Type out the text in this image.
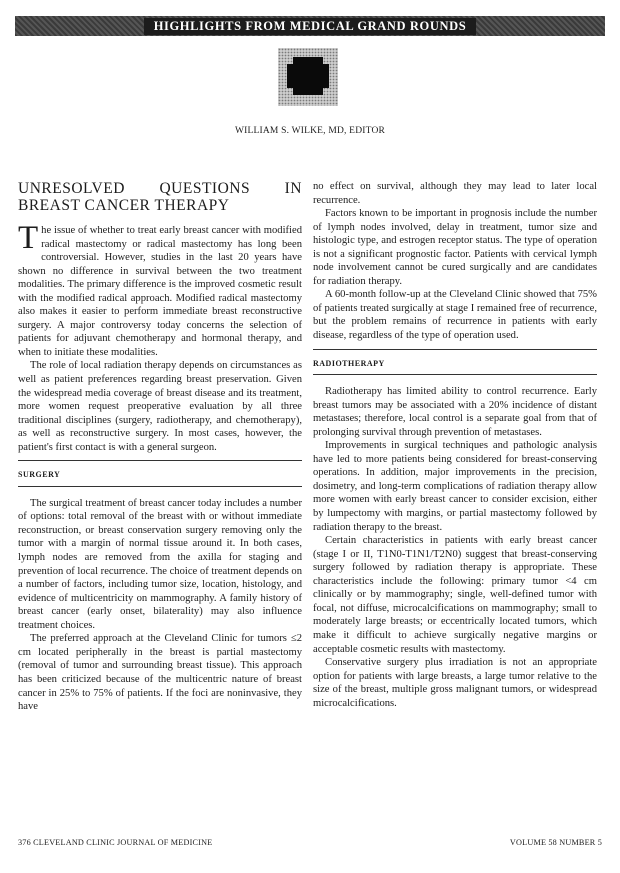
HIGHLIGHTS FROM MEDICAL GRAND ROUNDS
WILLIAM S. WILKE, MD, EDITOR
UNRESOLVED QUESTIONS IN BREAST CANCER THERAPY

The issue of whether to treat early breast cancer with modified radical mastectomy or radical mastectomy has long been controversial. However, studies in the last 20 years have shown no difference in survival between the two treatment modalities. The primary difference is the improved cosmetic result with the modified radical approach. Modified radical mastectomy also makes it easier to perform immediate breast reconstructive surgery. A major controversy today concerns the selection of patients for adjuvant chemotherapy and hormonal therapy, and when to initiate these modalities.

The role of local radiation therapy depends on circumstances as well as patient preferences regarding breast preservation. Given the widespread media coverage of breast disease and its treatment, more women request preoperative evaluation by all three traditional disciplines (surgery, radiotherapy, and chemotherapy), as well as reconstructive surgery. In most cases, however, the patient's first contact is with a general surgeon.

SURGERY

The surgical treatment of breast cancer today includes a number of options: total removal of the breast with or without immediate reconstruction, or breast conservation surgery removing only the tumor with a margin of normal tissue around it. In both cases, lymph nodes are removed from the axilla for staging and prevention of local recurrence. The choice of treatment depends on a number of factors, including tumor size, location, histology, and evidence of multicentricity on mammography. A family history of breast cancer (early onset, bilaterality) may also influence treatment choices.

The preferred approach at the Cleveland Clinic for tumors ≤2 cm located peripherally in the breast is partial mastectomy (removal of tumor and surrounding breast tissue). This approach has been criticized because of the multicentric nature of breast cancer in 25% to 75% of patients. If the foci are noninvasive, they have

no effect on survival, although they may lead to later local recurrence.

Factors known to be important in prognosis include the number of lymph nodes involved, delay in treatment, tumor size and histologic type, and estrogen receptor status. The type of operation is not a significant prognostic factor. Patients with cervical lymph node involvement cannot be cured surgically and are candidates for radiation therapy.

A 60-month follow-up at the Cleveland Clinic showed that 75% of patients treated surgically at stage I remained free of recurrence, but the problem remains of recurrence in patients with early disease, regardless of the type of operation used.

RADIOTHERAPY

Radiotherapy has limited ability to control recurrence. Early breast tumors may be associated with a 20% incidence of distant metastases; therefore, local control is a separate goal from that of prolonging survival through prevention of metastases.

Improvements in surgical techniques and pathologic analysis have led to more patients being considered for breast-conserving operations. In addition, major improvements in the precision, dosimetry, and long-term complications of radiation therapy allow more women with early breast cancer to consider excision, either by lumpectomy with margins, or partial mastectomy followed by radiation therapy to the breast.

Certain characteristics in patients with early breast cancer (stage I or II, T1N0-T1N1/T2N0) suggest that breast-conserving surgery followed by radiation therapy is appropriate. These characteristics include the following: primary tumor <4 cm clinically or by mammography; single, well-defined tumor with focal, not diffuse, microcalcifications on mammography; small to moderately large breasts; or eccentrically located tumors, which make it difficult to achieve surgically negative margins or acceptable cosmetic results with mastectomy.

Conservative surgery plus irradiation is not an appropriate option for patients with large breasts, a large tumor relative to the size of the breast, multiple gross malignant tumors, or widespread microcalcifications.

376 CLEVELAND CLINIC JOURNAL OF MEDICINE	VOLUME 58 NUMBER 5
